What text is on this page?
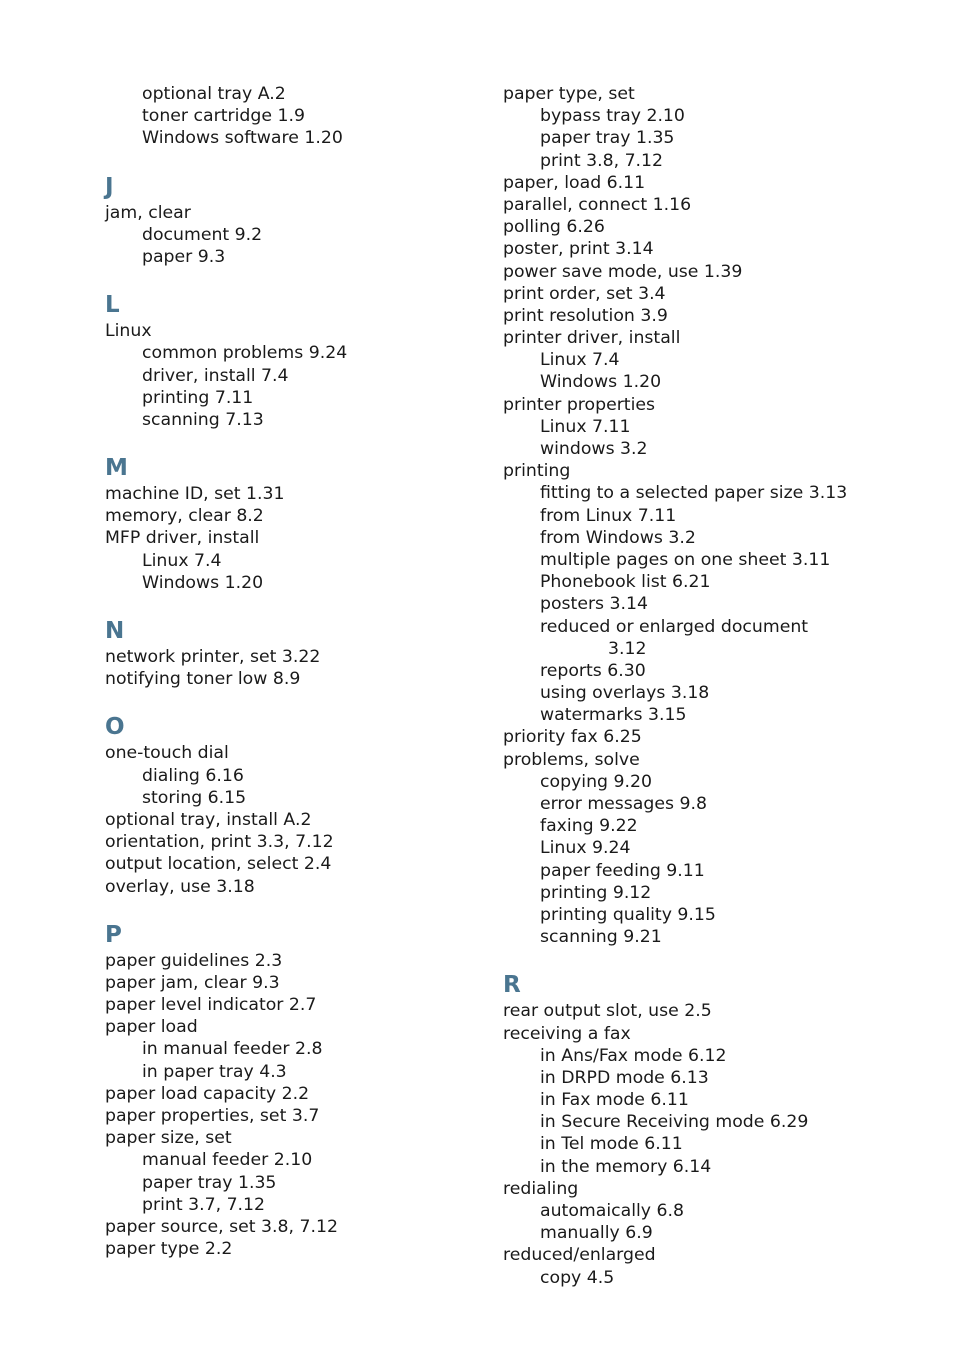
optional tray A.2
toner cartridge 1.9
Windows software 1.20
J
jam, clear
document 9.2
paper 9.3
L
Linux
common problems 9.24
driver, install 7.4
printing 7.11
scanning 7.13
M
machine ID, set 1.31
memory, clear 8.2
MFP driver, install
Linux 7.4
Windows 1.20
N
network printer, set 3.22
notifying toner low 8.9
O
one-touch dial
dialing 6.16
storing 6.15
optional tray, install A.2
orientation, print 3.3, 7.12
output location, select 2.4
overlay, use 3.18
P
paper guidelines 2.3
paper jam, clear 9.3
paper level indicator 2.7
paper load
in manual feeder 2.8
in paper tray 4.3
paper load capacity 2.2
paper properties, set 3.7
paper size, set
manual feeder 2.10
paper tray 1.35
print 3.7, 7.12
paper source, set 3.8, 7.12
paper type 2.2
paper type, set
bypass tray 2.10
paper tray 1.35
print 3.8, 7.12
paper, load 6.11
parallel, connect 1.16
polling 6.26
poster, print 3.14
power save mode, use 1.39
print order, set 3.4
print resolution 3.9
printer driver, install
Linux 7.4
Windows 1.20
printer properties
Linux 7.11
windows 3.2
printing
fitting to a selected paper size 3.13
from Linux 7.11
from Windows 3.2
multiple pages on one sheet 3.11
Phonebook list 6.21
posters 3.14
reduced or enlarged document
3.12
reports 6.30
using overlays 3.18
watermarks 3.15
priority fax 6.25
problems, solve
copying 9.20
error messages 9.8
faxing 9.22
Linux 9.24
paper feeding 9.11
printing 9.12
printing quality 9.15
scanning 9.21
R
rear output slot, use 2.5
receiving a fax
in Ans/Fax mode 6.12
in DRPD mode 6.13
in Fax mode 6.11
in Secure Receiving mode 6.29
in Tel mode 6.11
in the memory 6.14
redialing
automaically 6.8
manually 6.9
reduced/enlarged
copy 4.5
